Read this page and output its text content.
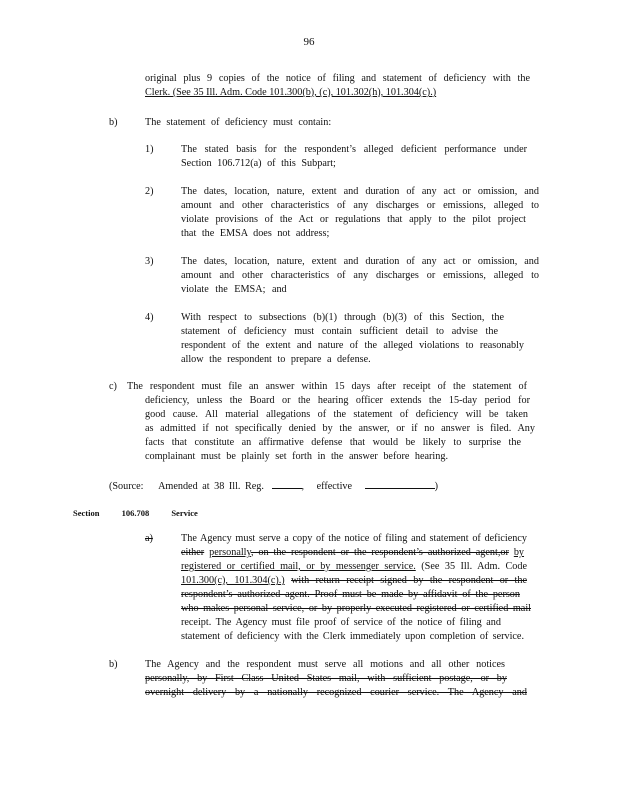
96
original plus 9 copies of the notice of filing and statement of deficiency with the
Clerk. (See 35 Ill. Adm. Code 101.300(b), (c), 101.302(h), 101.304(c).)
b)	The statement of deficiency must contain:
1)	The stated basis for the respondent’s alleged deficient performance under
Section 106.712(a) of this Subpart;
2)	The dates, location, nature, extent and duration of any act or omission, and
amount and other characteristics of any discharges or emissions, alleged to
violate provisions of the Act or regulations that apply to the pilot project
that the EMSA does not address;
3)	The dates, location, nature, extent and duration of any act or omission, and
amount and other characteristics of any discharges or emissions, alleged to
violate the EMSA; and
4)	With respect to subsections (b)(1) through (b)(3) of this Section, the
statement of deficiency must contain sufficient detail to advise the
respondent of the extent and nature of the alleged violations to reasonably
allow the respondent to prepare a defense.
c) The respondent must file an answer within 15 days after receipt of the statement of
deficiency, unless the Board or the hearing officer extends the 15-day period for
good cause. All material allegations of the statement of deficiency will be taken
as admitted if not specifically denied by the answer, or if no answer is filed. Any
facts that constitute an affirmative defense that would be likely to surprise the
complainant must be plainly set forth in the answer before hearing.
(Source: Amended at 38 Ill. Reg.	, effective	)
Section	106.708	Service
a)	The Agency must serve a copy of the notice of filing and statement of deficiency
either personally, on the respondent or the respondent’s authorized agent,or by
registered or certified mail, or by messenger service. (See 35 Ill. Adm. Code
101.300(c), 101.304(c).) with return receipt signed by the respondent or the
respondent’s authorized agent. Proof must be made by affidavit of the person
who makes personal service, or by properly executed registered or certified mail
receipt. The Agency must file proof of service of the notice of filing and
statement of deficiency with the Clerk immediately upon completion of service.
b)	The Agency and the respondent must serve all motions and all other notices
personally, by First Class United States mail, with sufficient postage, or by
overnight delivery by a nationally recognized courier service. The Agency and
